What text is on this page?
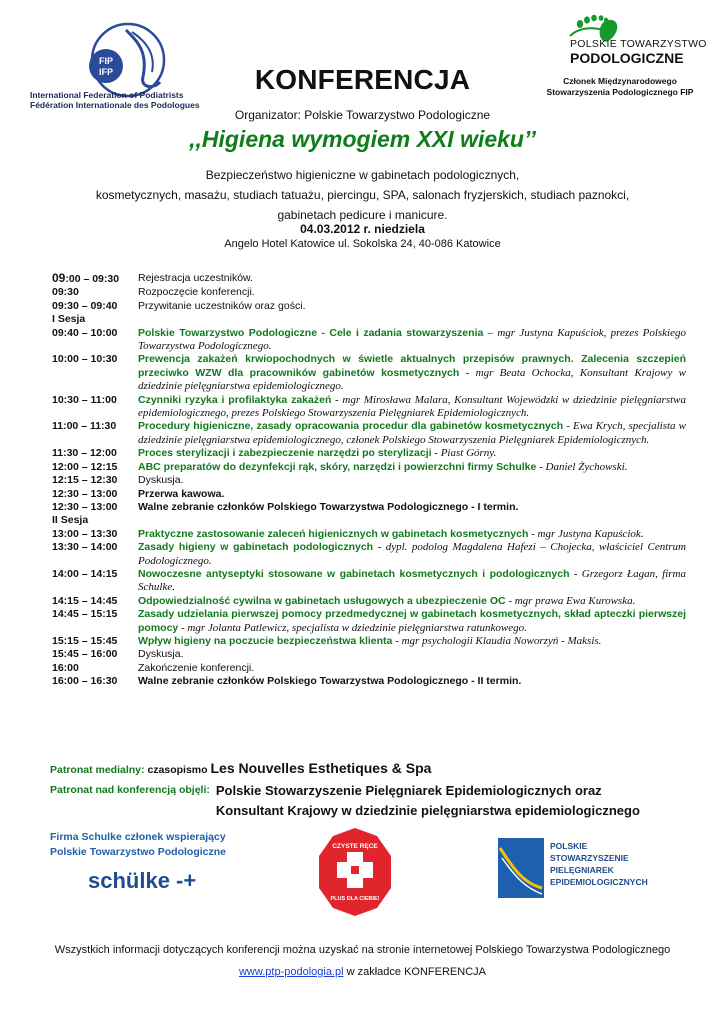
FIP
IFP
International Federation of Podiatrists
Fédération Internationale des Podologues
POLSKIE TOWARZYSTWO
PODOLOGICZNE
Członek Międzynarodowego
Stowarzyszenia Podologicznego FIP
KONFERENCJA
Organizator: Polskie Towarzystwo Podologiczne
,,Higiena wymogiem XXI wieku’’
Bezpieczeństwo higieniczne w gabinetach podologicznych,
kosmetycznych, masażu, studiach tatuażu, piercingu, SPA, salonach fryzjerskich, studiach paznokci,
gabinetach pedicure i manicure.
04.03.2012 r. niedziela
Angelo Hotel Katowice ul. Sokolska 24, 40-086 Katowice
09:00 – 09:30	Rejestracja uczestników.
09:30	Rozpoczęcie konferencji.
09:30 – 09:40	Przywitanie uczestników oraz gości.
I Sesja
09:40 – 10:00	Polskie Towarzystwo Podologiczne - Cele i zadania stowarzyszenia – mgr Justyna Kapuściok, prezes Polskiego Towarzystwa Podologicznego.
10:00 – 10:30	Prewencja zakażeń krwiopochodnych w świetle aktualnych przepisów prawnych. Zalecenia szczepień przeciwko WZW dla pracowników gabinetów kosmetycznych - mgr Beata Ochocka, Konsultant Krajowy w dziedzinie pielęgniarstwa epidemiologicznego.
10:30 – 11:00	Czynniki ryzyka i profilaktyka zakażeń - mgr Mirosława Malara, Konsultant Wojewódzki w dziedzinie pielęgniarstwa epidemiologicznego, prezes Polskiego Stowarzyszenia Pielęgniarek Epidemiologicznych.
11:00 – 11:30	Procedury higieniczne, zasady opracowania procedur dla gabinetów kosmetycznych - Ewa Krych, specjalista w dziedzinie pielęgniarstwa epidemiologicznego, członek Polskiego Stowarzyszenia Pielęgniarek Epidemiologicznych.
11:30 – 12:00	Proces sterylizacji i zabezpieczenie narzędzi po sterylizacji - Piast Górny.
12:00 – 12:15	ABC preparatów do dezynfekcji rąk, skóry, narzędzi i powierzchni firmy Schulke - Daniel Żychowski.
12:15 – 12:30	Dyskusja.
12:30 – 13:00	Przerwa kawowa.
12:30 – 13:00	Walne zebranie członków Polskiego Towarzystwa Podologicznego - I termin.
II Sesja
13:00 – 13:30	Praktyczne zastosowanie zaleceń higienicznych w gabinetach kosmetycznych - mgr Justyna Kapuściok.
13:30 – 14:00	Zasady higieny w gabinetach podologicznych - dypl. podolog Magdalena Hafezi – Chojecka, właściciel Centrum Podologicznego.
14:00 – 14:15	Nowoczesne antyseptyki stosowane w gabinetach kosmetycznych i podologicznych - Grzegorz Łagan, firma Schulke.
14:15 – 14:45	Odpowiedzialność cywilna w gabinetach usługowych a ubezpieczenie OC - mgr prawa Ewa Kurowska.
14:45 – 15:15	Zasady udzielania pierwszej pomocy przedmedycznej w gabinetach kosmetycznych, skład apteczki pierwszej pomocy - mgr Jolanta Patlewicz, specjalista w dziedzinie pielęgniarstwa ratunkowego.
15:15 – 15:45	Wpływ higieny na poczucie bezpieczeństwa klienta - mgr psychologii Klaudia Noworzyń - Maksis.
15:45 – 16:00	Dyskusja.
16:00	Zakończenie konferencji.
16:00 – 16:30	Walne zebranie członków Polskiego Towarzystwa Podologicznego - II termin.
Patronat medialny: czasopismo Les Nouvelles Esthetiques & Spa
Patronat nad konferencją objęli: Polskie Stowarzyszenie Pielęgniarek Epidemiologicznych oraz
Konsultant Krajowy w dziedzinie pielęgniarstwa epidemiologicznego
Firma Schulke członek wspierający
Polskie Towarzystwo Podologiczne
schülke -+
CZYSTE RĘCE
PLUS DLA CIEBIE!
POLSKIE
STOWARZYSZENIE
PIELĘGNIAREK
EPIDEMIOLOGICZNYCH
Wszystkich informacji dotyczących konferencji można uzyskać na stronie internetowej Polskiego Towarzystwa Podologicznego
www.ptp-podologia.pl w zakładce KONFERENCJA
